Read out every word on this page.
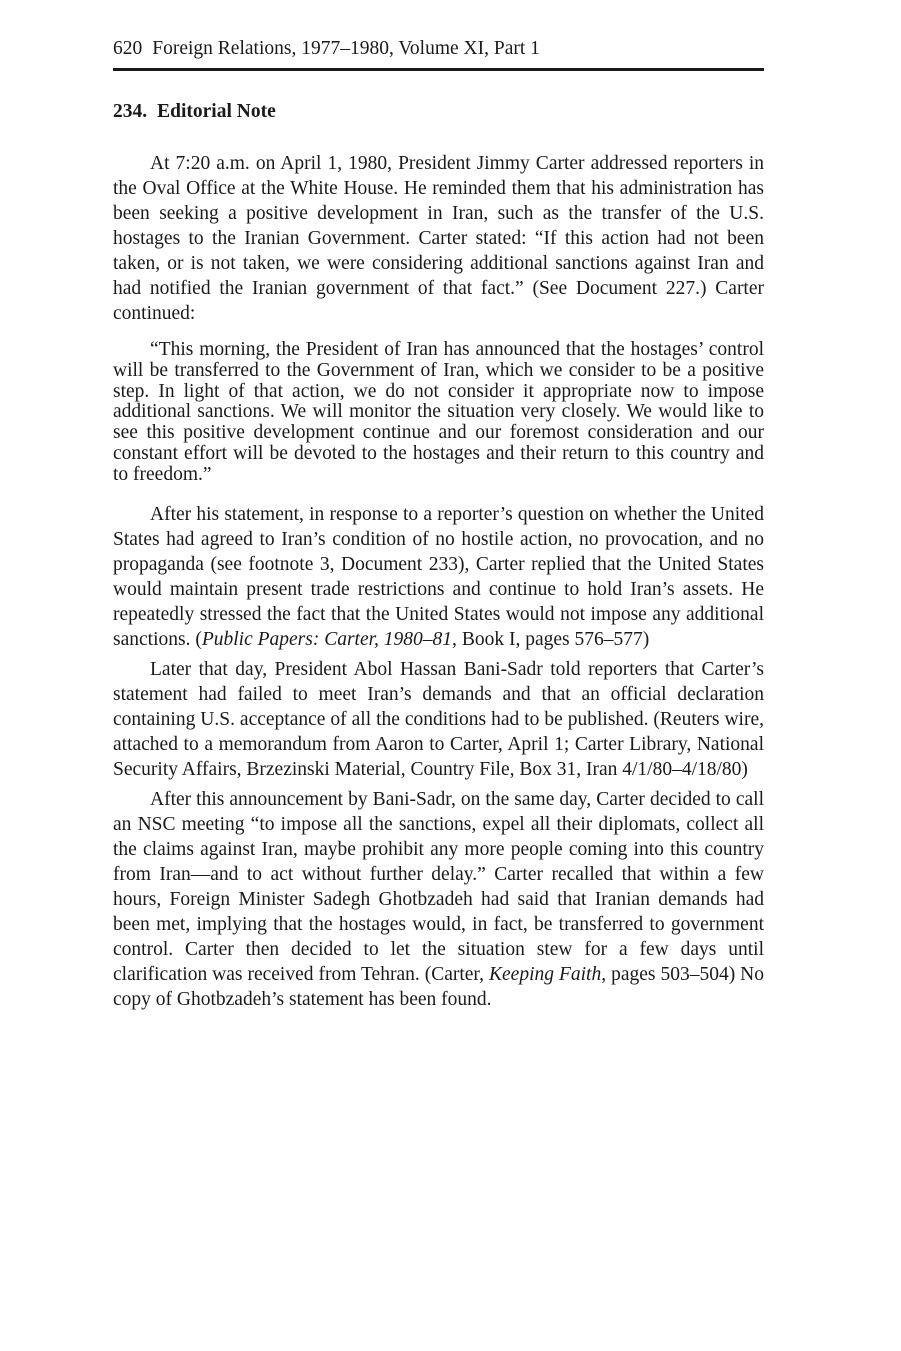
620 Foreign Relations, 1977–1980, Volume XI, Part 1
234. Editorial Note

At 7:20 a.m. on April 1, 1980, President Jimmy Carter addressed reporters in the Oval Office at the White House. He reminded them that his administration has been seeking a positive development in Iran, such as the transfer of the U.S. hostages to the Iranian Government. Carter stated: “If this action had not been taken, or is not taken, we were considering additional sanctions against Iran and had notified the Iranian government of that fact.” (See Document 227.) Carter continued:

“This morning, the President of Iran has announced that the hostages’ control will be transferred to the Government of Iran, which we consider to be a positive step. In light of that action, we do not consider it appropriate now to impose additional sanctions. We will monitor the situation very closely. We would like to see this positive development continue and our foremost consideration and our constant effort will be devoted to the hostages and their return to this country and to freedom.”

After his statement, in response to a reporter’s question on whether the United States had agreed to Iran’s condition of no hostile action, no provocation, and no propaganda (see footnote 3, Document 233), Carter replied that the United States would maintain present trade restrictions and continue to hold Iran’s assets. He repeatedly stressed the fact that the United States would not impose any additional sanctions. (Public Papers: Carter, 1980–81, Book I, pages 576–577)

Later that day, President Abol Hassan Bani-Sadr told reporters that Carter’s statement had failed to meet Iran’s demands and that an official declaration containing U.S. acceptance of all the conditions had to be published. (Reuters wire, attached to a memorandum from Aaron to Carter, April 1; Carter Library, National Security Affairs, Brzezinski Material, Country File, Box 31, Iran 4/1/80–4/18/80)

After this announcement by Bani-Sadr, on the same day, Carter decided to call an NSC meeting “to impose all the sanctions, expel all their diplomats, collect all the claims against Iran, maybe prohibit any more people coming into this country from Iran—and to act without further delay.” Carter recalled that within a few hours, Foreign Minister Sadegh Ghotbzadeh had said that Iranian demands had been met, implying that the hostages would, in fact, be transferred to government control. Carter then decided to let the situation stew for a few days until clarification was received from Tehran. (Carter, Keeping Faith, pages 503–504) No copy of Ghotbzadeh’s statement has been found.
